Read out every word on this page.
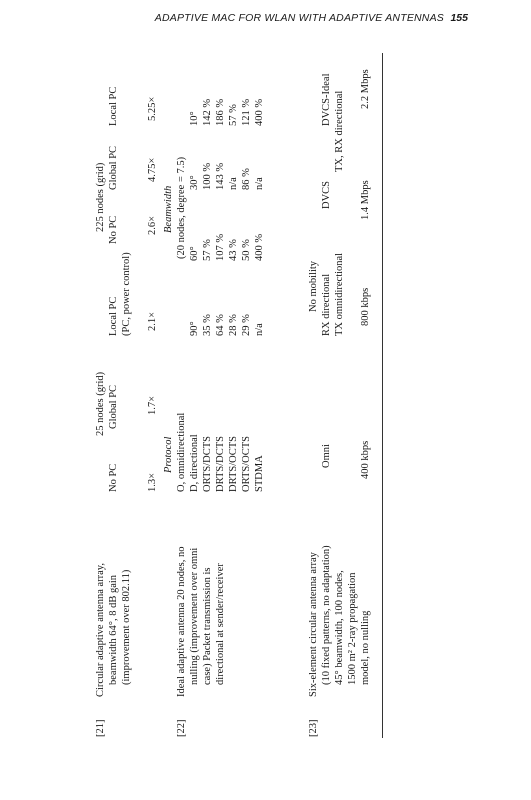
ADAPTIVE MAC FOR WLAN WITH ADAPTIVE ANTENNAS 155
[21]
Circular adaptive antenna array, beamwidth 64°, 8 dB gain (improvement over 802.11)
25 nodes (grid)
225 nodes (grid)
No PC
Global PC
Local PC
No PC
Global PC
Local PC
(PC, power control)
1.3×
1.7×
2.1×
2.6×
4.75×
5.25×
[22]
Ideal adaptive antenna 20 nodes, no nulling (improvement over omni case) Packet transmission is directional at sender/receiver
Protocol
Beamwidth (20 nodes, degree = 7.5)
O, omnidirectional D, directional ORTS/DCTS DRTS/DCTS DRTS/OCTS ORTS/OCTS STDMA
90°
60°
30°
10°
35 %
57 %
100 %
142 %
64 %
107 %
143 %
186 %
28 %
43 %
n/a
57 %
29 %
50 %
86 %
121 %
n/a
400 %
n/a
400 %
[23]
Six-element circular antenna array (10 fixed patterns, no adaptation) 45° beamwidth, 100 nodes, 1500 m² 2-ray propagation model, no nulling
No mobility
Omni
RX directional
DVCS
DVCS-Ideal
TX omnidirectional
TX, RX directional
400 kbps
800 kbps
1.4 Mbps
2.2 Mbps
